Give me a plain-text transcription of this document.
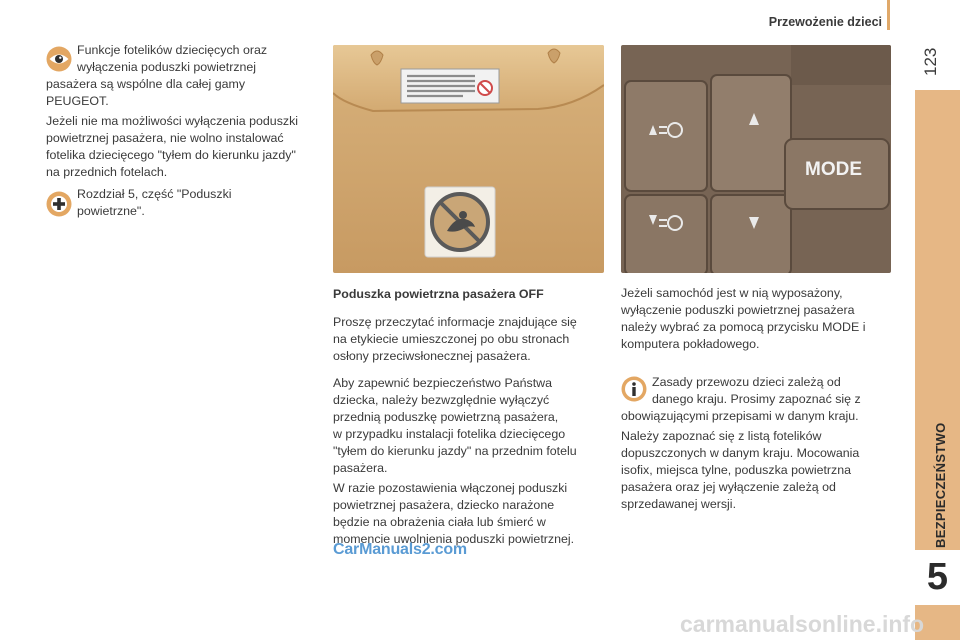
Przewożenie dzieci
123
BEZPIECZEŃSTWO
5
Funkcje fotelików dziecięcych oraz
wyłączenia poduszki powietrznej
pasażera są wspólne dla całej gamy
PEUGEOT.
Jeżeli nie ma możliwości wyłączenia poduszki
powietrznej pasażera, nie wolno instalować
fotelika dziecięcego "tyłem do kierunku jazdy"
na przednich fotelach.
Rozdział 5, część "Poduszki
powietrzne".
MODE
Poduszka powietrzna pasażera OFF
Proszę przeczytać informacje znajdujące się
na etykiecie umieszczonej po obu stronach
osłony przeciwsłonecznej pasażera.
Aby zapewnić bezpieczeństwo Państwa
dziecka, należy bezwzględnie wyłączyć
przednią poduszkę powietrzną pasażera,
w przypadku instalacji fotelika dziecięcego
"tyłem do kierunku jazdy" na przednim fotelu
pasażera.
W razie pozostawienia włączonej poduszki
powietrznej pasażera, dziecko narażone
będzie na obrażenia ciała lub śmierć w
momencie uwolnienia poduszki powietrznej.
Jeżeli samochód jest w nią wyposażony,
wyłączenie poduszki powietrznej pasażera
należy wybrać za pomocą przycisku MODE i
komputera pokładowego.
Zasady przewozu dzieci zależą od
danego kraju. Prosimy zapoznać się z
obowiązującymi przepisami w danym kraju.
Należy zapoznać się z listą fotelików
dopuszczonych w danym kraju. Mocowania
isofix, miejsca tylne, poduszka powietrzna
pasażera oraz jej wyłączenie zależą od
sprzedawanej wersji.
CarManuals2.com
carmanualsonline.info
